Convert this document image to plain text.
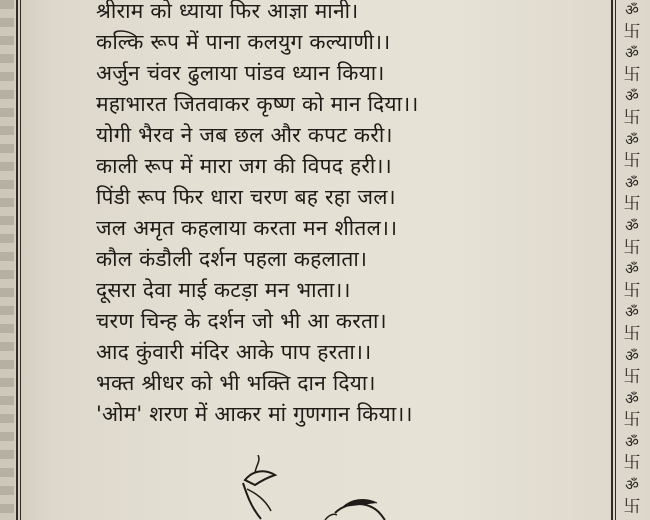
श्रीराम को ध्याया फिर आज्ञा मानी।
कल्कि रूप में पाना कलयुग कल्याणी।।
अर्जुन चंवर ढुलाया पांडव ध्यान किया।
महाभारत जितवाकर कृष्ण को मान दिया।।
योगी भैरव ने जब छल और कपट करी।
काली रूप में मारा जग की विपद हरी।।
पिंडी रूप फिर धारा चरण बह रहा जल।
जल अमृत कहलाया करता मन शीतल।।
कौल कंडौली दर्शन पहला कहलाता।
दूसरा देवा माई कटड़ा मन भाता।।
चरण चिन्ह के दर्शन जो भी आ करता।
आद कुंवारी मंदिर आके पाप हरता।।
भक्त श्रीधर को भी भक्ति दान दिया।
'ओम' शरण में आकर मां गुणगान किया।।
ॐ
卐
ॐ
卐
ॐ
卐
ॐ
卐
ॐ
卐
ॐ
卐
ॐ
卐
ॐ
卐
ॐ
卐
ॐ
卐
ॐ
卐
ॐ
卐
